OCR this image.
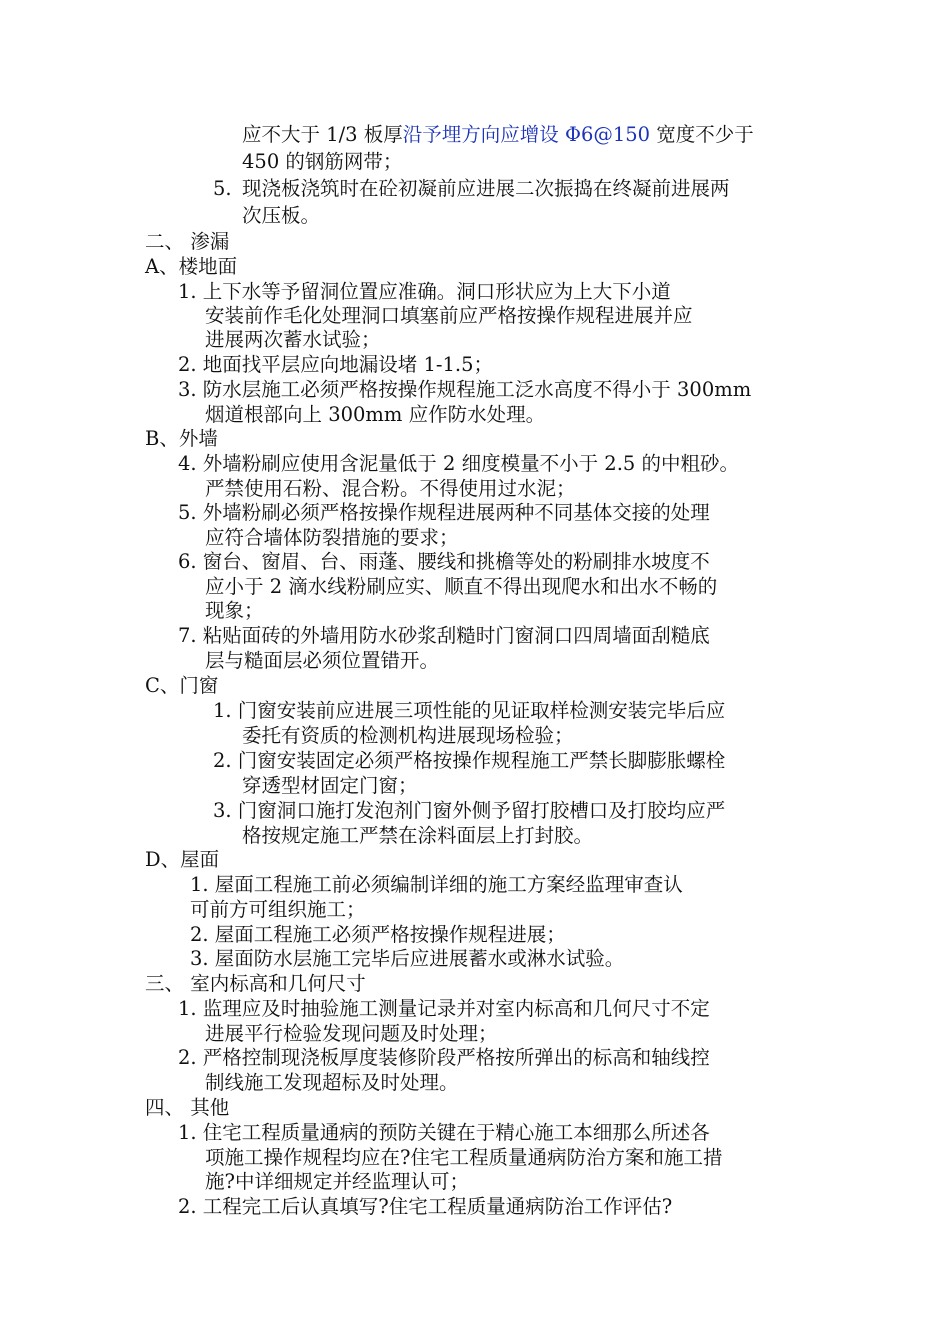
应不大于 1/3 板厚沿予埋方向应增设 Φ6@150 宽度不少于
450 的钢筋网带；
5. 现浇板浇筑时在砼初凝前应进展二次振捣在终凝前进展两
次压板。
二、 渗漏
A、楼地面
1. 上下水等予留洞位置应准确。洞口形状应为上大下小道
安装前作毛化处理洞口填塞前应严格按操作规程进展并应
进展两次蓄水试验；
2. 地面找平层应向地漏设堵 1-1.5；
3. 防水层施工必须严格按操作规程施工泛水高度不得小于 300mm
烟道根部向上 300mm 应作防水处理。
B、外墙
4. 外墙粉刷应使用含泥量低于 2 细度模量不小于 2.5 的中粗砂。
严禁使用石粉、混合粉。不得使用过水泥；
5. 外墙粉刷必须严格按操作规程进展两种不同基体交接的处理
应符合墙体防裂措施的要求；
6. 窗台、窗眉、台、雨蓬、腰线和挑檐等处的粉刷排水坡度不
应小于 2 滴水线粉刷应实、顺直不得出现爬水和出水不畅的
现象；
7. 粘贴面砖的外墙用防水砂浆刮糙时门窗洞口四周墙面刮糙底
层与糙面层必须位置错开。
C、门窗
1. 门窗安装前应进展三项性能的见证取样检测安装完毕后应
委托有资质的检测机构进展现场检验；
2. 门窗安装固定必须严格按操作规程施工严禁长脚膨胀螺栓
穿透型材固定门窗；
3. 门窗洞口施打发泡剂门窗外侧予留打胶槽口及打胶均应严
格按规定施工严禁在涂料面层上打封胶。
D、屋面
1. 屋面工程施工前必须编制详细的施工方案经监理审查认
可前方可组织施工；
2. 屋面工程施工必须严格按操作规程进展；
3. 屋面防水层施工完毕后应进展蓄水或淋水试验。
三、 室内标高和几何尺寸
1. 监理应及时抽验施工测量记录并对室内标高和几何尺寸不定
进展平行检验发现问题及时处理；
2. 严格控制现浇板厚度装修阶段严格按所弹出的标高和轴线控
制线施工发现超标及时处理。
四、 其他
1. 住宅工程质量通病的预防关键在于精心施工本细那么所述各
项施工操作规程均应在?住宅工程质量通病防治方案和施工措
施?中详细规定并经监理认可；
2. 工程完工后认真填写?住宅工程质量通病防治工作评估?
